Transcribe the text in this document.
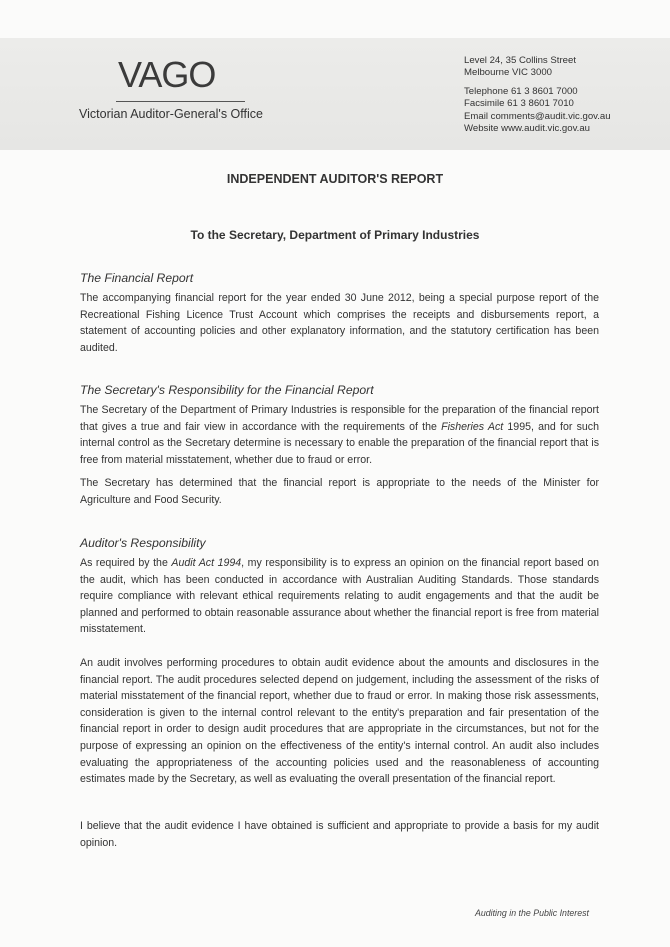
VAGO
Victorian Auditor-General's Office
Level 24, 35 Collins Street
Melbourne VIC 3000
Telephone 61 3 8601 7000
Facsimile 61 3 8601 7010
Email comments@audit.vic.gov.au
Website www.audit.vic.gov.au
INDEPENDENT AUDITOR'S REPORT
To the Secretary, Department of Primary Industries
The Financial Report
The accompanying financial report for the year ended 30 June 2012, being a special purpose report of the Recreational Fishing Licence Trust Account which comprises the receipts and disbursements report, a statement of accounting policies and other explanatory information, and the statutory certification has been audited.
The Secretary's Responsibility for the Financial Report
The Secretary of the Department of Primary Industries is responsible for the preparation of the financial report that gives a true and fair view in accordance with the requirements of the Fisheries Act 1995, and for such internal control as the Secretary determine is necessary to enable the preparation of the financial report that is free from material misstatement, whether due to fraud or error.
The Secretary has determined that the financial report is appropriate to the needs of the Minister for Agriculture and Food Security.
Auditor's Responsibility
As required by the Audit Act 1994, my responsibility is to express an opinion on the financial report based on the audit, which has been conducted in accordance with Australian Auditing Standards. Those standards require compliance with relevant ethical requirements relating to audit engagements and that the audit be planned and performed to obtain reasonable assurance about whether the financial report is free from material misstatement.
An audit involves performing procedures to obtain audit evidence about the amounts and disclosures in the financial report. The audit procedures selected depend on judgement, including the assessment of the risks of material misstatement of the financial report, whether due to fraud or error. In making those risk assessments, consideration is given to the internal control relevant to the entity's preparation and fair presentation of the financial report in order to design audit procedures that are appropriate in the circumstances, but not for the purpose of expressing an opinion on the effectiveness of the entity's internal control. An audit also includes evaluating the appropriateness of the accounting policies used and the reasonableness of accounting estimates made by the Secretary, as well as evaluating the overall presentation of the financial report.
I believe that the audit evidence I have obtained is sufficient and appropriate to provide a basis for my audit opinion.
Auditing in the Public Interest
